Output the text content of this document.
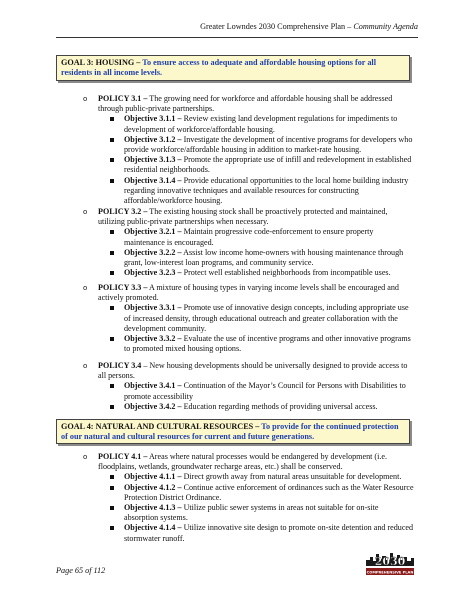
Greater Lowndes 2030 Comprehensive Plan – Community Agenda
GOAL 3: HOUSING – To ensure access to adequate and affordable housing options for all residents in all income levels.
o POLICY 3.1 – The growing need for workforce and affordable housing shall be addressed through public-private partnerships.
Objective 3.1.1 – Review existing land development regulations for impediments to development of workforce/affordable housing.
Objective 3.1.2 – Investigate the development of incentive programs for developers who provide workforce/affordable housing in addition to market-rate housing.
Objective 3.1.3 – Promote the appropriate use of infill and redevelopment in established residential neighborhoods.
Objective 3.1.4 – Provide educational opportunities to the local home building industry regarding innovative techniques and available resources for constructing affordable/workforce housing.
o POLICY 3.2 – The existing housing stock shall be proactively protected and maintained, utilizing public-private partnerships when necessary.
Objective 3.2.1 – Maintain progressive code-enforcement to ensure property maintenance is encouraged.
Objective 3.2.2 – Assist low income home-owners with housing maintenance through grant, low-interest loan programs, and community service.
Objective 3.2.3 – Protect well established neighborhoods from incompatible uses.
o POLICY 3.3 – A mixture of housing types in varying income levels shall be encouraged and actively promoted.
Objective 3.3.1 – Promote use of innovative design concepts, including appropriate use of increased density, through educational outreach and greater collaboration with the development community.
Objective 3.3.2 – Evaluate the use of incentive programs and other innovative programs to promoted mixed housing options.
o POLICY 3.4 – New housing developments should be universally designed to provide access to all persons.
Objective 3.4.1 – Continuation of the Mayor’s Council for Persons with Disabilities to promote accessibility
Objective 3.4.2 – Education regarding methods of providing universal access.
GOAL 4: NATURAL AND CULTURAL RESOURCES – To provide for the continued protection of our natural and cultural resources for current and future generations.
o POLICY 4.1 – Areas where natural processes would be endangered by development (i.e. floodplains, wetlands, groundwater recharge areas, etc.) shall be conserved.
Objective 4.1.1 – Direct growth away from natural areas unsuitable for development.
Objective 4.1.2 – Continue active enforcement of ordinances such as the Water Resource Protection District Ordinance.
Objective 4.1.3 – Utilize public sewer systems in areas not suitable for on-site absorption systems.
Objective 4.1.4 – Utilize innovative site design to promote on-site detention and reduced stormwater runoff.
Page 65 of 112
2030
COMPREHENSIVE PLAN
